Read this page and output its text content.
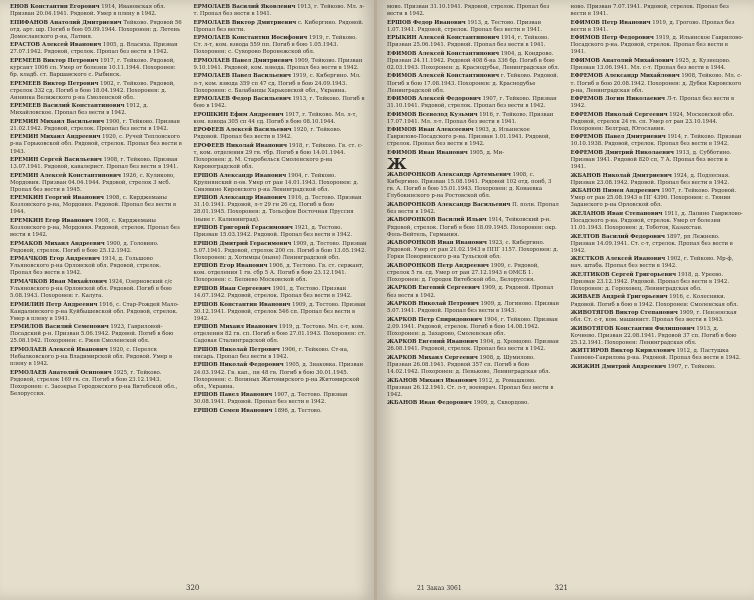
ЕНОВ Константин Егорович 1914, Ивановская обл. Призван 20.04.1941. Рядовой. Умер в плену в 1942.
ЕПИФАНОВ Анатолий Дмитриевич Тейково. Рядовой 56 отд. арт. шр. Погиб в бою 05.09.1944. Похоронен: д. Летень Домославского р-на, Латвия.
ЕРАСТОВ Алексей Иванович 1905, д. Власиха. Призван 27.07.1942. Рядовой, стрелок. Пропал без вести в 1942.
ЕРЕМЕЕВ Виктор Петрович 1917, г. Тейково. Рядовой, курсант 1006 сп. Умер от болезни 10.11.1944. Похоронен: бр. кладб. ст. Варшавского с. Рыбинск.
ЕРЕМЕЕВ Виктор Петрович 1902, г. Тейково. Рядовой, стрелок 332 сд. Погиб в бою 18.04.1942. Похоронен: д. Аннинка Велижского р-на Смоленской обл.
ЕРЕМЕЕВ Василий Константинович 1912, д. Михайловское. Пропал без вести в 1942.
ЕРЕМИН Михаил Васильевич 1900, г. Тейково. Призван 21.02.1942. Рядовой, стрелок. Пропал без вести в 1942.
ЕРЕМИН Михаил Андреевич 1920, с. Ручей Тепловского р-на Горьковской обл. Рядовой, стрелок. Пропал без вести в 1943.
ЕРЕМИН Сергей Васильевич 1908, г. Тейково. Призван 13.07.1941. Рядовой, кавалерист. Пропал без вести в 1941.
ЕРЕМИН Алексей Константинович 1926, с. Куликово, Мордовия. Призван 04.04.1944. Рядовой, стрелок 3 мсб. Пропал без вести в 1945.
ЕРЕМКИН Георгий Иванович 1908, с. Кирджеманы Козловского р-на, Мордовия. Рядовой. Пропал без вести в 1944.
ЕРЕМКИН Егор Иванович 1908, с. Кирджеманы Козловского р-на, Мордовия. Рядовой, стрелок. Пропал без вести в 1942.
ЕРМАКОВ Михаил Андреевич 1900, д. Головино. Рядовой, стрелок. Погиб в бою 25.12.1942.
ЕРМАЧКОВ Егор Андреевич 1914, д. Гольшово Ульяновского р-на Орловской обл. Рядовой, стрелок. Пропал без вести в 1942.
ЕРМАЧКОВ Иван Михайлович 1924, Озерновский с/с Ульяновского р-на Орловской обл. Рядовой. Погиб в бою 5.08.1943. Похоронен: г. Калуга.
ЕРМИЛИН Петр Андреевич 1916, с. Стар-Рождей Мало-Кандалинского р-на Куйбышевской обл. Рядовой, стрелок. Умер в плену в 1941.
ЕРМИЛОВ Василий Семенович 1923, Гавриловой-Посадский р-н. Призван 5.06.1942. Рядовой. Погиб в бою 25.08.1942. Похоронен: с. Ржев Смоленской обл.
ЕРМОЛАЕВ Алексей Иванович 1920, с. Перелск Небылковского р-на Владимирской обл. Рядовой. Умер в плену в 1942.
ЕРМОЛАЕВ Анатолий Осипович 1925, г. Тейково. Рядовой, стрелок 169 гв. сп. Погиб в бою 23.12.1943. Похоронен: с. Заозерье Городокского р-на Витебской обл., Белоруссия.
ЕРМОЛАЕВ Василий Яковлевич 1913, г. Тейково. Мл. л-т. Пропал без вести в 1941.
ЕРМОЛАЕВ Виктор Дмитриевич с. Кибергино. Рядовой. Пропал без вести.
ЕРМОЛАЕВ Константин Иосифович 1919, г. Тейково. Ст. л-т, ком. взвода 559 пп. Погиб в бою 1.05.1943. Похоронен: с. Суворово Воронежской обл.
ЕРМОЛАЕВ Павел Дмитриевич 1909, Тейково. Призван 9.10.1941. Рядовой, ком. взвода. Пропал без вести в 1942.
ЕРМОЛАЕВ Павел Васильевич 1919, с. Кибергино. Мл. л-т, ком. взвода 359 сп 47 сд. Погиб в бою 24.09.1943. Похоронен: с. Балабанцы Харьковской обл., Украина.
ЕРМОЛАЕВ Федор Васильевич 1913, г. Тейково. Погиб в бою в 1942.
ЕРОШКИН Ефим Андреевич 1917, г. Тейково. Мл. л-т, ком. взвода 305 сп 44 сд. Погиб в бою 08.10.1944.
ЕРОФЕЕВ Алексей Васильевич 1920, г. Тейково. Рядовой. Пропал без вести в 1942.
ЕРОФЕЕВ Николай Иванович 1918, г. Тейково. Гв. ст. с-т, ком. отделения 29 гв. тбр. Погиб в бою 14.01.1944. Похоронен: д. М. Старобельск Смоленского р-на Кировоградской обл.
ЕРШОВ Александр Иванович 1904, г. Тейково. Крупнянский п-ов. Умер от ран 14.01.1943. Похоронен: д. Синявино Кировского р-на Ленинградской обл.
ЕРШОВ Александр Иванович 1916, д. Тестово. Призван 31.10.1941. Рядовой, л-т 29 гн 26 сд. Погиб в бою 28.01.1945. Похоронен: д. Тольсфон Восточная Пруссия (ныне г. Калининград).
ЕРШОВ Григорий Герасимович 1921, д. Тестово. Призван 15.03.1942. Рядовой. Пропал без вести в 1942.
ЕРШОВ Дмитрий Герасимович 1909, д. Тестово. Призван 5.07.1941. Рядовой, стрелок 200 сп. Погиб в бою 13.05.1942. Похоронен: д. Хотимцы (ныне) Ленинградской обл.
ЕРШОВ Егор Иванович 1906, д. Тестово. Гв. ст. сержант, ком. отделения 1 гв. сбр 5 А. Погиб в бою 23.12.1941. Похоронен: с. Беляево Московской обл.
ЕРШОВ Иван Сергеевич 1901, д. Тестово. Призван 14.07.1942. Рядовой, стрелок. Пропал без вести в 1942.
ЕРШОВ Константин Иванович 1909, д. Тестово. Призван 30.12.1941. Рядовой, стрелок 546 сп. Пропал без вести в 1942.
ЕРШОВ Михаил Иванович 1919, д. Тестово. Мл. с-т, ком. отделения 82 гв. сп. Погиб в бою 27.01.1943. Похоронен: ст. Садовая Сталинградской обл.
ЕРШОВ Николай Петрович 1906, г. Тейково. Ст-на, писарь. Пропал без вести в 1942.
ЕРШОВ Николай Федорович 1905, д. Знаковка. Призван 24.03.1942. Гв. кап., пн 48 гв. Погиб в бою 30.01.1945. Похоронен: с. Волиных Житомирского р-на Житомирской обл., Украина.
ЕРШОВ Павел Иванович 1907, д. Тестово. Призван 30.08.1941. Рядовой. Пропал без вести в 1942.
ЕРШОВ Семен Иванович 1896, д. Тестово.
320
мово. Призван 31.10.1941. Рядовой, стрелок. Пропал без вести в 1942.
ЕРШОВ Федор Иванович 1913, д. Тестово. Призван 1.07.1941. Рядовой, стрелок. Пропал без вести в 1941.
ЕРЫКИН Алексей Константинович 1914, г. Тейково. Призван 25.06.1941. Рядовой. Пропал без вести в 1941.
ЕФИМОВ Алексей Константинович 1904, д. Кондрово. Призван 24.11.1942. Рядовой 408 б-на 336 бр. Погиб в бою 02.03.1943. Похоронен: д. Краснодубье, Ленинградская обл.
ЕФИМОВ Алексей Константинович г. Тейково. Рядовой. Погиб в бою 17.08.1943. Похоронен: д. Краснодубье Ленинградской обл.
ЕФИМОВ Алексей Федорович 1907, г. Тейково. Призван 31.10.1941. Рядовой, стрелок. Пропал без вести в 1942.
ЕФИМОВ Всеволод Кузьмич 1916, г. Тейково. Призван 17.07.1941. Мл. л-т. Пропал без вести в 1941.
ЕФИМОВ Иван Алексеевич 1903, д. Ильинское Гаврилово-Посадского р-на. Призван 1.01.1941. Рядовой, стрелок. Пропал без вести в 1942.
ЕФИМОВ Иван Иванович 1905, д. Ми-
Ж
ЖАВОРОНКОВ Александр Артемьевич 1908, с. Кибергино. Призван 15.08.1941. Рядовой 102 отд. понб, 3 гв. А. Погиб в бою 15.01.1943. Похоронен: д. Коваевка Глубокинского р-на Ростовской обл.
ЖАВОРОНКОВ Александр Васильевич П. полн. Пропал без вести в 1942.
ЖАВОРОНКОВ Василий Ильич 1914, Тейковский р-н. Рядовой, стрелок. Погиб в бою 18.09.1945. Похоронен: окр. Фоль-Вейтель, Германия.
ЖАВОРОНКОВ Иван Иванович 1923, с. Кибергино. Рядовой. Умер от ран 21.02.1943 в ППГ 1157. Похоронен: д. Горки Поворинского р-на Тульской обл.
ЖАВОРОНКОВ Петр Андреевич 1909, с. Рядовой, стрелок 5 гв. сд. Умер от ран 27.12.1943 в ОМСБ 1. Похоронен: д. Городок Витебской обл., Белоруссия.
ЖАРКОВ Евгений Сергеевич 1909, д. Рядовой. Пропал без вести в 1942.
ЖАРКОВ Николай Петрович 1909, д. Логиново. Призван 5.07.1941. Рядовой. Пропал без вести в 1943.
ЖАРКОВ Петр Спиридонович 1904, г. Тейково. Призван 2.09.1941. Рядовой, стрелок. Погиб в бою 14.08.1942. Похоронен: д. Захарово, Смоленская обл.
ЖАРКОВ Евгений Иванович 1904, д. Хромцово. Призван 26.08.1941. Рядовой, стрелок. Пропал без вести в 1942.
ЖАРКОВ Михаил Сергеевич 1908, д. Шумилово. Призван 26.08.1941. Рядовой 357 сп. Погиб в бою 14.02.1942. Похоронен: д. Пеньково, Ленинградская обл.
ЖБАНОВ Михаил Иванович 1912, д. Ромашково. Призван 26.12.1941. Ст. л-т, военврач. Пропал без вести в 1942.
ЖБАНОВ Иван Федорович 1909, д. Скворцово.
ново. Призван 7.07.1941. Рядовой, стрелок. Пропал без вести в 1941.
ЕФИМОВ Петр Иванович 1919, д. Грогово. Пропал без вести в 1941.
ЕФИМОВ Петр Федорович 1919, д. Ильинское Гаврилово-Посадского р-на. Рядовой, стрелок. Пропал без вести в 1941.
ЕФИМОВ Анатолий Михайлович 1925, д. Кузнецово. Призван 13.06.1941. Мл. с-т. Пропал без вести в 1944.
ЕФРЕМОВ Александр Михайлович 1908, Тейково. Мл. с-т. Погиб в бою 20.08.1942. Похоронен: д. Дубки Кировского р-на, Ленинградская обл.
ЕФРЕМОВ Логин Николаевич Л-т. Пропал без вести в 1942.
ЕФРЕМОВ Николай Сергеевич 1924, Московской обл. Рядовой, стрелок 24 гв. сп. Умер от ран 23.10.1944. Похоронен: Белград, Югославия.
ЕФРЕМОВ Павел Дмитриевич 1914, г. Тейково. Призван 10.10.1938. Рядовой, стрелок. Пропал без вести в 1942.
ЕФРЕМОВ Дмитрий Николаевич 1913, д. Субботино. Призван 1941. Рядовой 820 сп, 7 А. Пропал без вести в 1941.
ЖБАНОВ Николай Дмитриевич 1924, д. Подлесная. Призван 23.08.1942. Рядовой. Пропал без вести в 1942.
ЖБАНОВ Пимен Андреевич 1907, г. Тейково. Рядовой. Умер от ран 25.08.1943 в ПГ 4390. Похоронен: с. Тюнин Заданского р-на Орловской обл.
ЖЕЛАНОВ Иван Степанович 1911, д. Лапино Гаврилово-Посадского р-на. Рядовой, стрелок. Умер от болезни 11.01.1943. Похоронен: д. Тоботов, Казахстан.
ЖЕЛТОВ Василий Федорович 1897, рп Лежнево. Призван 14.09.1941. Ст. с-т, стрелок. Пропал без вести в 1942.
ЖЕСТКОВ Алексей Иванович 1902, г. Тейково. Мр-ф, нач. штаба. Пропал без вести в 1942.
ЖЕЛТИКОВ Сергей Григорьевич 1918, д. Уреево. Призван 23.12.1942. Рядовой. Пропал без вести в 1942. Похоронен: д. Гороховец, Ленинградская обл.
ЖИВАЕВ Андрей Григорьевич 1916, с. Колесники. Рядовой. Погиб в бою в 1942. Похоронен: Смоленская обл.
ЖИВОТЯГОВ Виктор Степанович 1909, г. Пензенская обл. Ст. с-т, ком. машинист. Пропал без вести в 1943.
ЖИВОТЯГОВ Константин Филиппович 1913, д. Кочнево. Призван 22.08.1941. Рядовой 37 сп. Погиб в бою 25.12.1941. Похоронен: Ленинградская обл.
ЖИТГИРОВ Виктор Кириллович 1912, д. Пастушка Ганново-Гаврилова р-на. Рядовой. Пропал без вести в 1942.
ЖИЖИН Дмитрий Андреевич 1907, г. Тейково.
21 Заказ 3061	321
